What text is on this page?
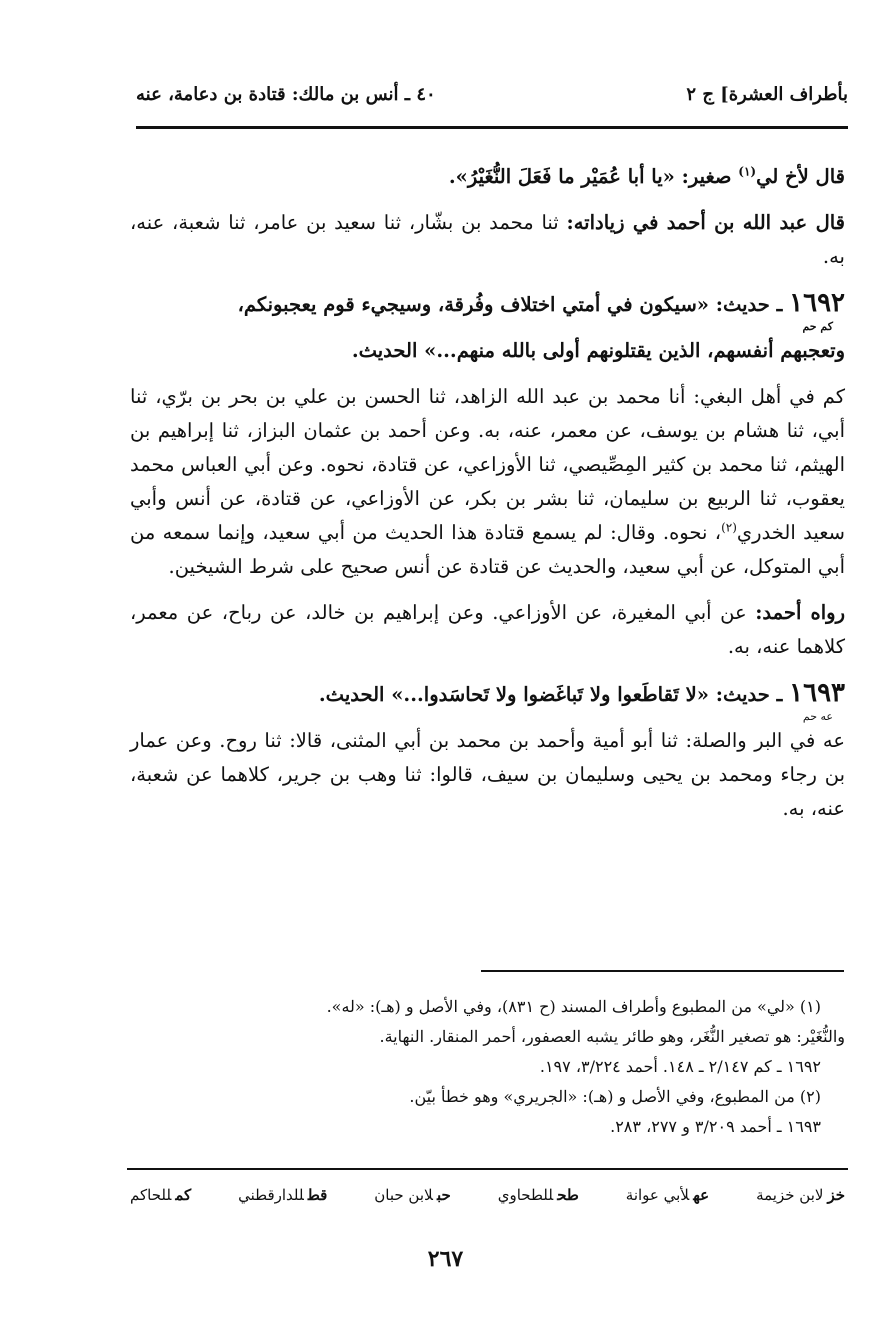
بأطراف العشرة] ج ٢
٤٠ ـ أنس بن مالك: قتادة بن دعامة، عنه

قال لأخ لي$^{(١)}$ صغير: «يا أبا عُمَيْر ما فَعَلَ النُّغَيْرُ».

قال عبد الله بن أحمد في زياداته: ثنا محمد بن بشّار، ثنا سعيد بن عامر، ثنا شعبة، عنه، به.

١٦٩٢ ـ حديث: «سيكون في أمتي اختلاف وفُرقة، وسيجيء قوم يعجبونكم،
كم حم
وتعجبهم أنفسهم، الذين يقتلونهم أولى بالله منهم...» الحديث.

كم في أهل البغي: أنا محمد بن عبد الله الزاهد، ثنا الحسن بن علي بن بحر بن برّي، ثنا أبي، ثنا هشام بن يوسف، عن معمر، عنه، به. وعن أحمد بن عثمان البزاز، ثنا إبراهيم بن الهيثم، ثنا محمد بن كثير المِصِّيصي، ثنا الأوزاعي، عن قتادة، نحوه. وعن أبي العباس محمد يعقوب، ثنا الربيع بن سليمان، ثنا بشر بن بكر، عن الأوزاعي، عن قتادة، عن أنس وأبي سعيد الخدري$^{(٢)}$، نحوه. وقال: لم يسمع قتادة هذا الحديث من أبي سعيد، وإنما سمعه من أبي المتوكل، عن أبي سعيد، والحديث عن قتادة عن أنس صحيح على شرط الشيخين.

رواه أحمد: عن أبي المغيرة، عن الأوزاعي. وعن إبراهيم بن خالد، عن رباح، عن معمر، كلاهما عنه، به.

١٦٩٣ ـ حديث: «لا تَقاطَعوا ولا تَباغَضوا ولا تَحاسَدوا...» الحديث.

عه حم

عه في البر والصلة: ثنا أبو أمية وأحمد بن محمد بن أبي المثنى، قالا: ثنا روح. وعن عمار بن رجاء ومحمد بن يحيى وسليمان بن سيف، قالوا: ثنا وهب بن جرير، كلاهما عن شعبة، عنه، به.

(١) «لي» من المطبوع وأطراف المسند (ح ٨٣١)، وفي الأصل و (هـ): «له».

والنُّغَيْر: هو تصغير النُّغَر، وهو طائر يشبه العصفور، أحمر المنقار. النهاية.

١٦٩٢ ـ كم ٢/١٤٧ ـ ١٤٨. أحمد ٣/٢٢٤، ١٩٧.

(٢) من المطبوع، وفي الأصل و (هـ): «الجريري» وهو خطأ بيّن.

١٦٩٣ ـ أحمد ٣/٢٠٩ و ٢٧٧، ٢٨٣.

خزلابن خزيمة
عهلأبي عوانة
طحللطحاوي
حبلابن حبان
قطللدارقطني
كمللحاكم
٢٦٧
